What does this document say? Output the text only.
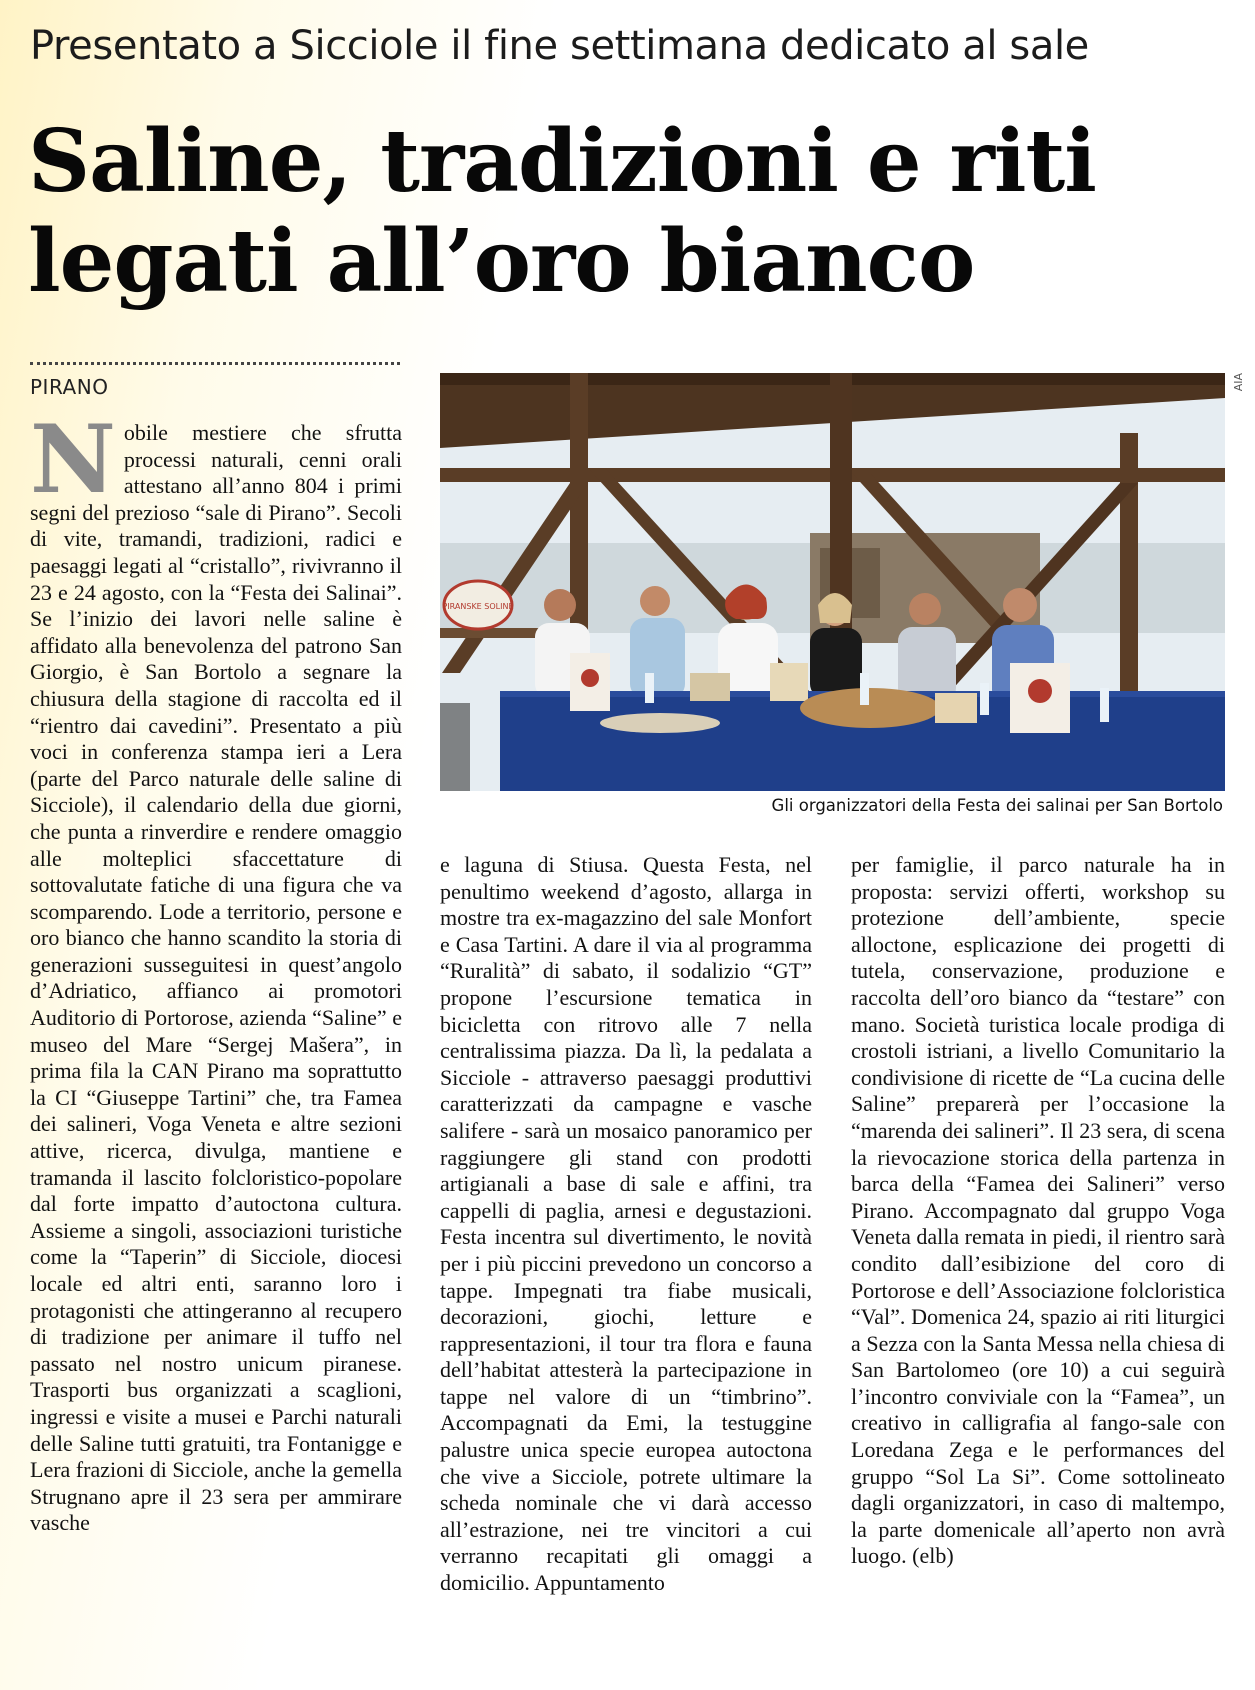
Presentato a Sicciole il fine settimana dedicato al sale
Saline, tradizioni e riti legati all’oro bianco
PIRANO
PIRANSKE SOLINE
AIA
Gli organizzatori della Festa dei salinai per San Bortolo
Nobile mestiere che sfrutta processi naturali, cenni orali attestano all’anno 804 i primi segni del prezioso “sale di Pirano”. Secoli di vite, tramandi, tradizioni, radici e paesaggi legati al “cristallo”, rivivranno il 23 e 24 agosto, con la “Festa dei Salinai”. Se l’inizio dei lavori nelle saline è affidato alla benevolenza del patrono San Giorgio, è San Bortolo a segnare la chiusura della stagione di raccolta ed il “rientro dai cavedini”. Presentato a più voci in conferenza stampa ieri a Lera (parte del Parco naturale delle saline di Sicciole), il calendario della due giorni, che punta a rinverdire e rendere omaggio alle molteplici sfaccettature di sottovalutate fatiche di una figura che va scomparendo. Lode a territorio, persone e oro bianco che hanno scandito la storia di generazioni susseguitesi in quest’angolo d’Adriatico, affianco ai promotori Auditorio di Portorose, azienda “Saline” e museo del Mare “Sergej Mašera”, in prima fila la CAN Pirano ma soprattutto la CI “Giuseppe Tartini” che, tra Famea dei salineri, Voga Veneta e altre sezioni attive, ricerca, divulga, mantiene e tramanda il lascito folcloristico-popolare dal forte impatto d’autoctona cultura. Assieme a singoli, associazioni turistiche come la “Taperin” di Sicciole, diocesi locale ed altri enti, saranno loro i protagonisti che attingeranno al recupero di tradizione per animare il tuffo nel passato nel nostro unicum piranese. Trasporti bus organizzati a scaglioni, ingressi e visite a musei e Parchi naturali delle Saline tutti gratuiti, tra Fontanigge e Lera frazioni di Sicciole, anche la gemella Strugnano apre il 23 sera per ammirare vasche
e laguna di Stiusa. Questa Festa, nel penultimo weekend d’agosto, allarga in mostre tra ex-magazzino del sale Monfort e Casa Tartini. A dare il via al programma “Ruralità” di sabato, il sodalizio “GT” propone l’escursione tematica in bicicletta con ritrovo alle 7 nella centralissima piazza. Da lì, la pedalata a Sicciole - attraverso paesaggi produttivi caratterizzati da campagne e vasche salifere - sarà un mosaico panoramico per raggiungere gli stand con prodotti artigianali a base di sale e affini, tra cappelli di paglia, arnesi e degustazioni. Festa incentra sul divertimento, le novità per i più piccini prevedono un concorso a tappe. Impegnati tra fiabe musicali, decorazioni, giochi, letture e rappresentazioni, il tour tra flora e fauna dell’habitat attesterà la partecipazione in tappe nel valore di un “timbrino”. Accompagnati da Emi, la testuggine palustre unica specie europea autoctona che vive a Sicciole, potrete ultimare la scheda nominale che vi darà accesso all’estrazione, nei tre vincitori a cui verranno recapitati gli omaggi a domicilio. Appuntamento
per famiglie, il parco naturale ha in proposta: servizi offerti, workshop su protezione dell’ambiente, specie alloctone, esplicazione dei progetti di tutela, conservazione, produzione e raccolta dell’oro bianco da “testare” con mano. Società turistica locale prodiga di crostoli istriani, a livello Comunitario la condivisione di ricette de “La cucina delle Saline” preparerà per l’occasione la “marenda dei salineri”. Il 23 sera, di scena la rievocazione storica della partenza in barca della “Famea dei Salineri” verso Pirano. Accompagnato dal gruppo Voga Veneta dalla remata in piedi, il rientro sarà condito dall’esibizione del coro di Portorose e dell’Associazione folcloristica “Val”. Domenica 24, spazio ai riti liturgici a Sezza con la Santa Messa nella chiesa di San Bartolomeo (ore 10) a cui seguirà l’incontro conviviale con la “Famea”, un creativo in calligrafia al fango-sale con Loredana Zega e le performances del gruppo “Sol La Si”. Come sottolineato dagli organizzatori, in caso di maltempo, la parte domenicale all’aperto non avrà luogo. (elb)
